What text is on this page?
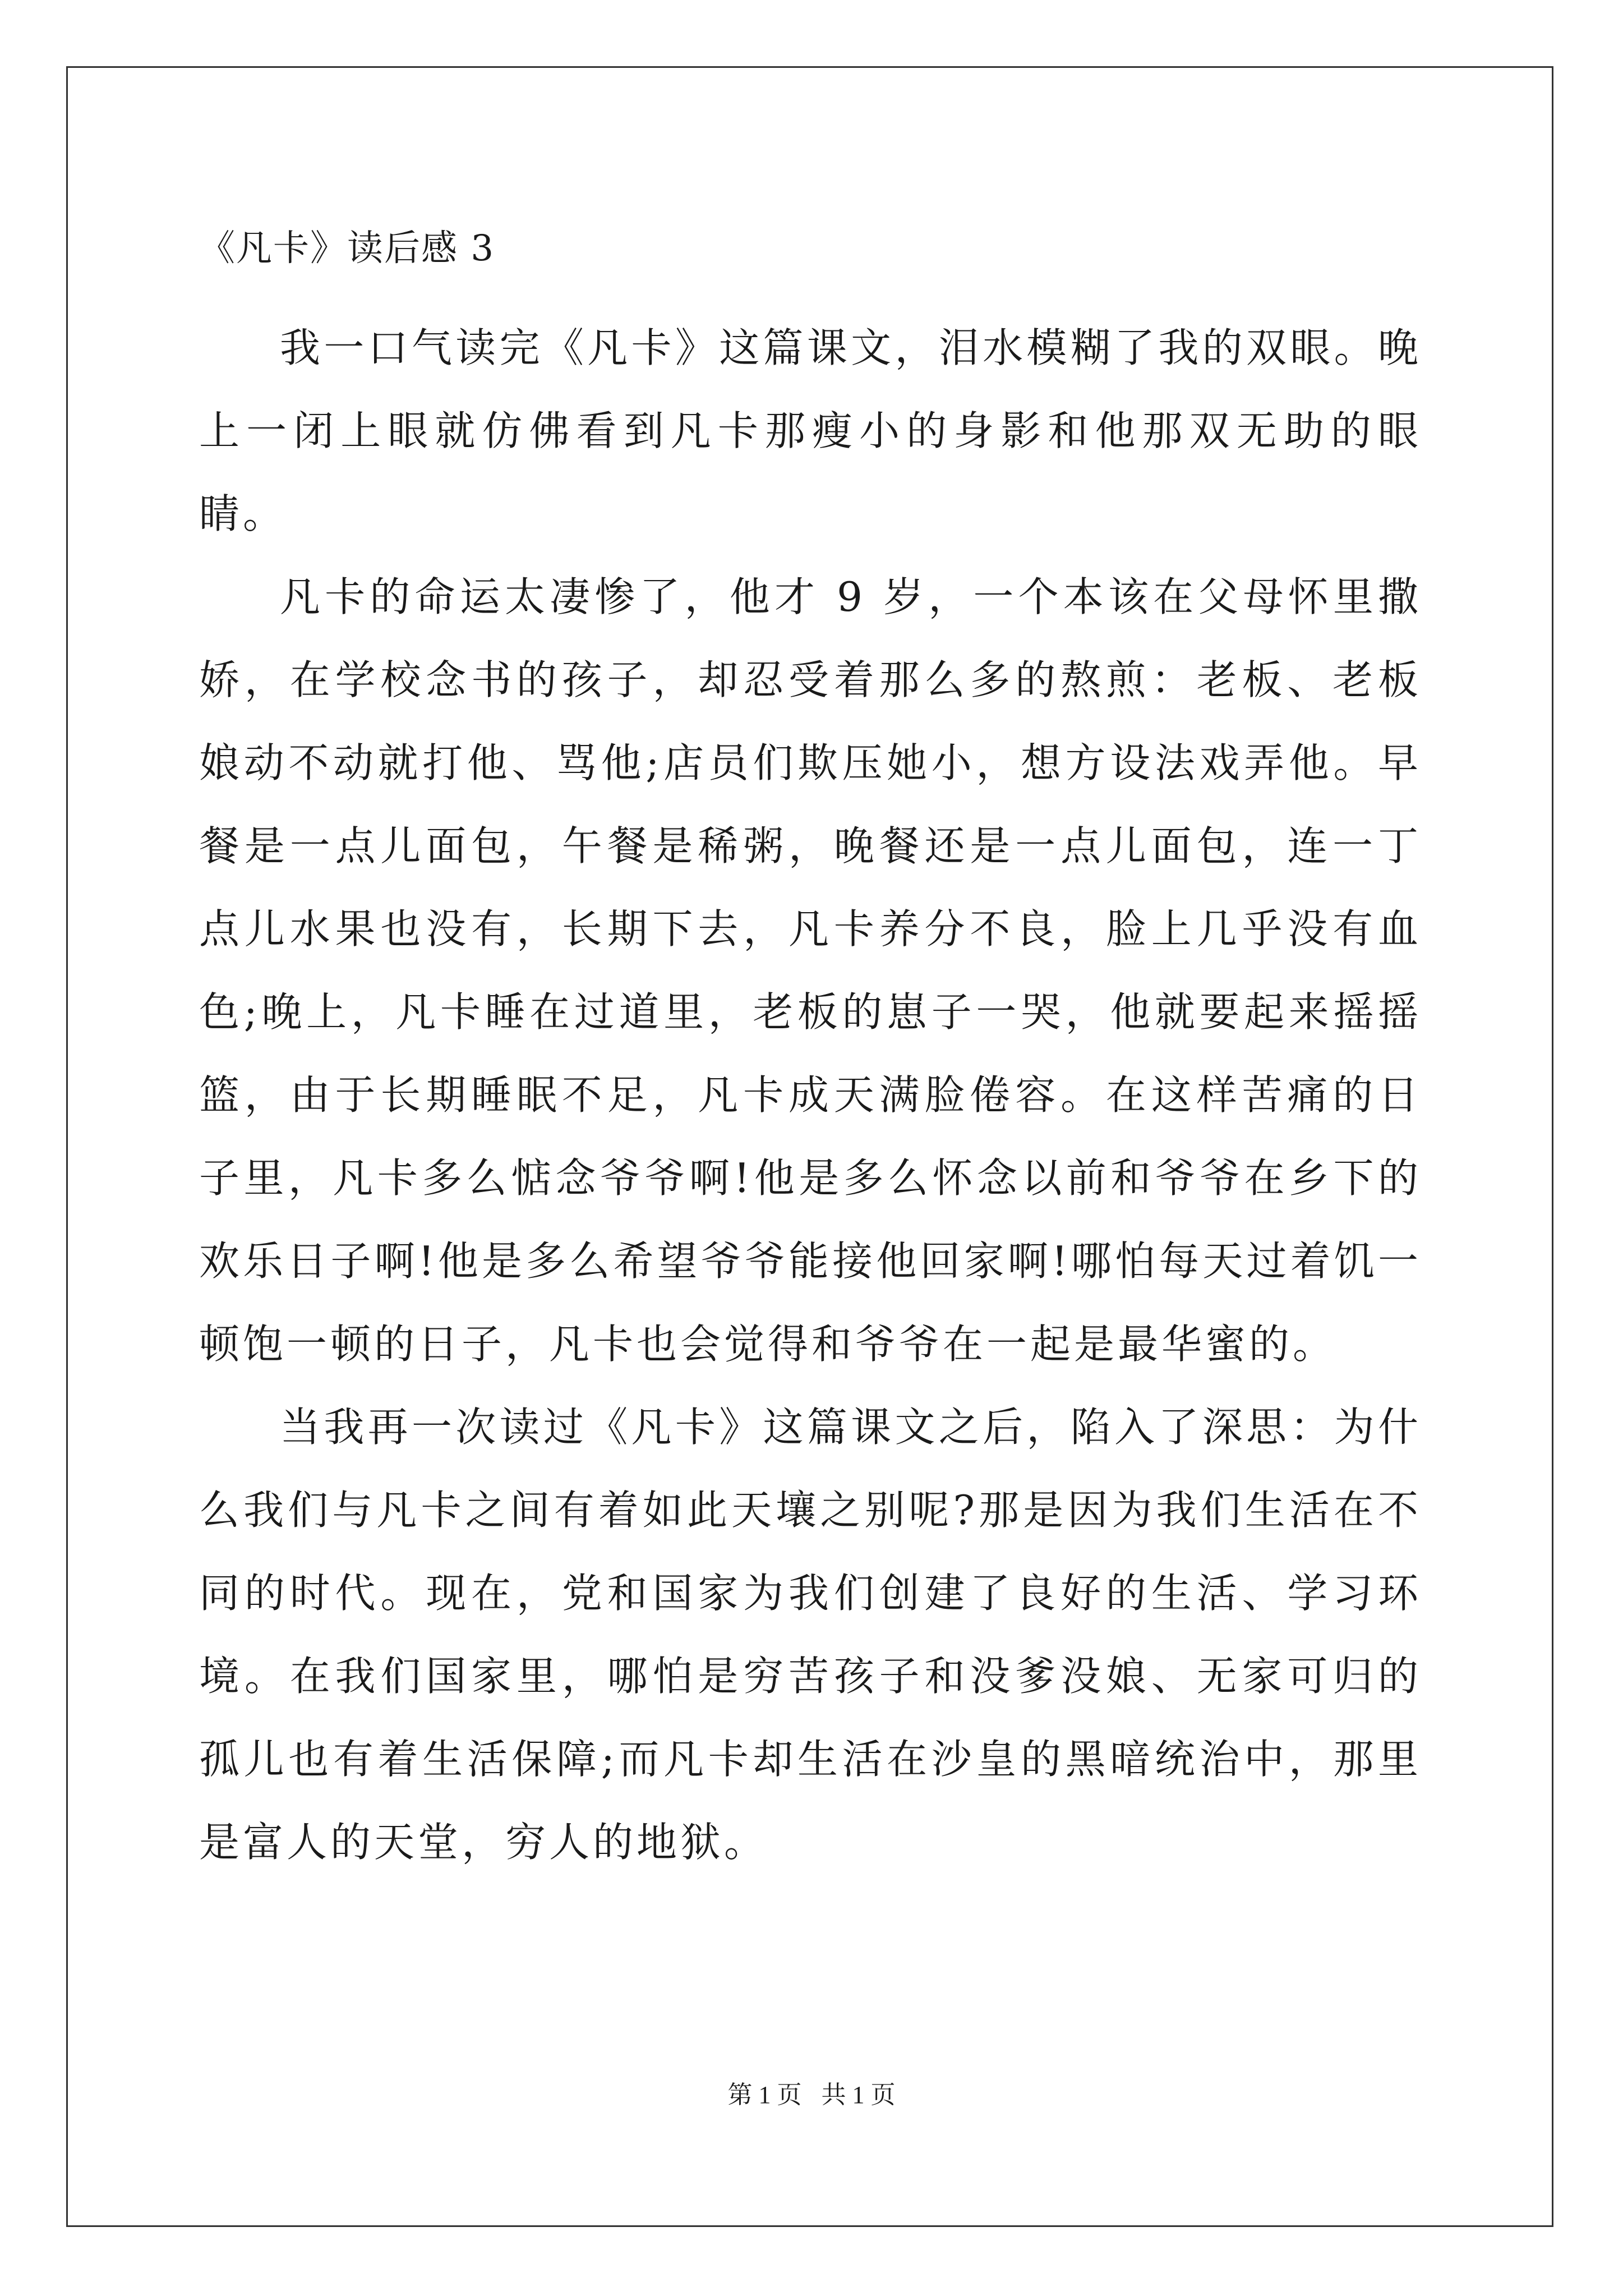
《凡卡》读后感 3

我一口气读完《凡卡》这篇课文，泪水模糊了我的双眼。晚上一闭上眼就仿佛看到凡卡那瘦小的身影和他那双无助的眼睛。

凡卡的命运太凄惨了，他才 9 岁，一个本该在父母怀里撒娇，在学校念书的孩子，却忍受着那么多的熬煎：老板、老板娘动不动就打他、骂他;店员们欺压她小，想方设法戏弄他。早餐是一点儿面包，午餐是稀粥，晚餐还是一点儿面包，连一丁点儿水果也没有，长期下去，凡卡养分不良，脸上几乎没有血色;晚上，凡卡睡在过道里，老板的崽子一哭，他就要起来摇摇篮，由于长期睡眠不足，凡卡成天满脸倦容。在这样苦痛的日子里，凡卡多么惦念爷爷啊!他是多么怀念以前和爷爷在乡下的欢乐日子啊!他是多么希望爷爷能接他回家啊!哪怕每天过着饥一顿饱一顿的日子，凡卡也会觉得和爷爷在一起是最华蜜的。

当我再一次读过《凡卡》这篇课文之后，陷入了深思：为什么我们与凡卡之间有着如此天壤之别呢?那是因为我们生活在不同的时代。现在，党和国家为我们创建了良好的生活、学习环境。在我们国家里，哪怕是穷苦孩子和没爹没娘、无家可归的孤儿也有着生活保障;而凡卡却生活在沙皇的黑暗统治中，那里是富人的天堂，穷人的地狱。

第 1 页 共 1 页
